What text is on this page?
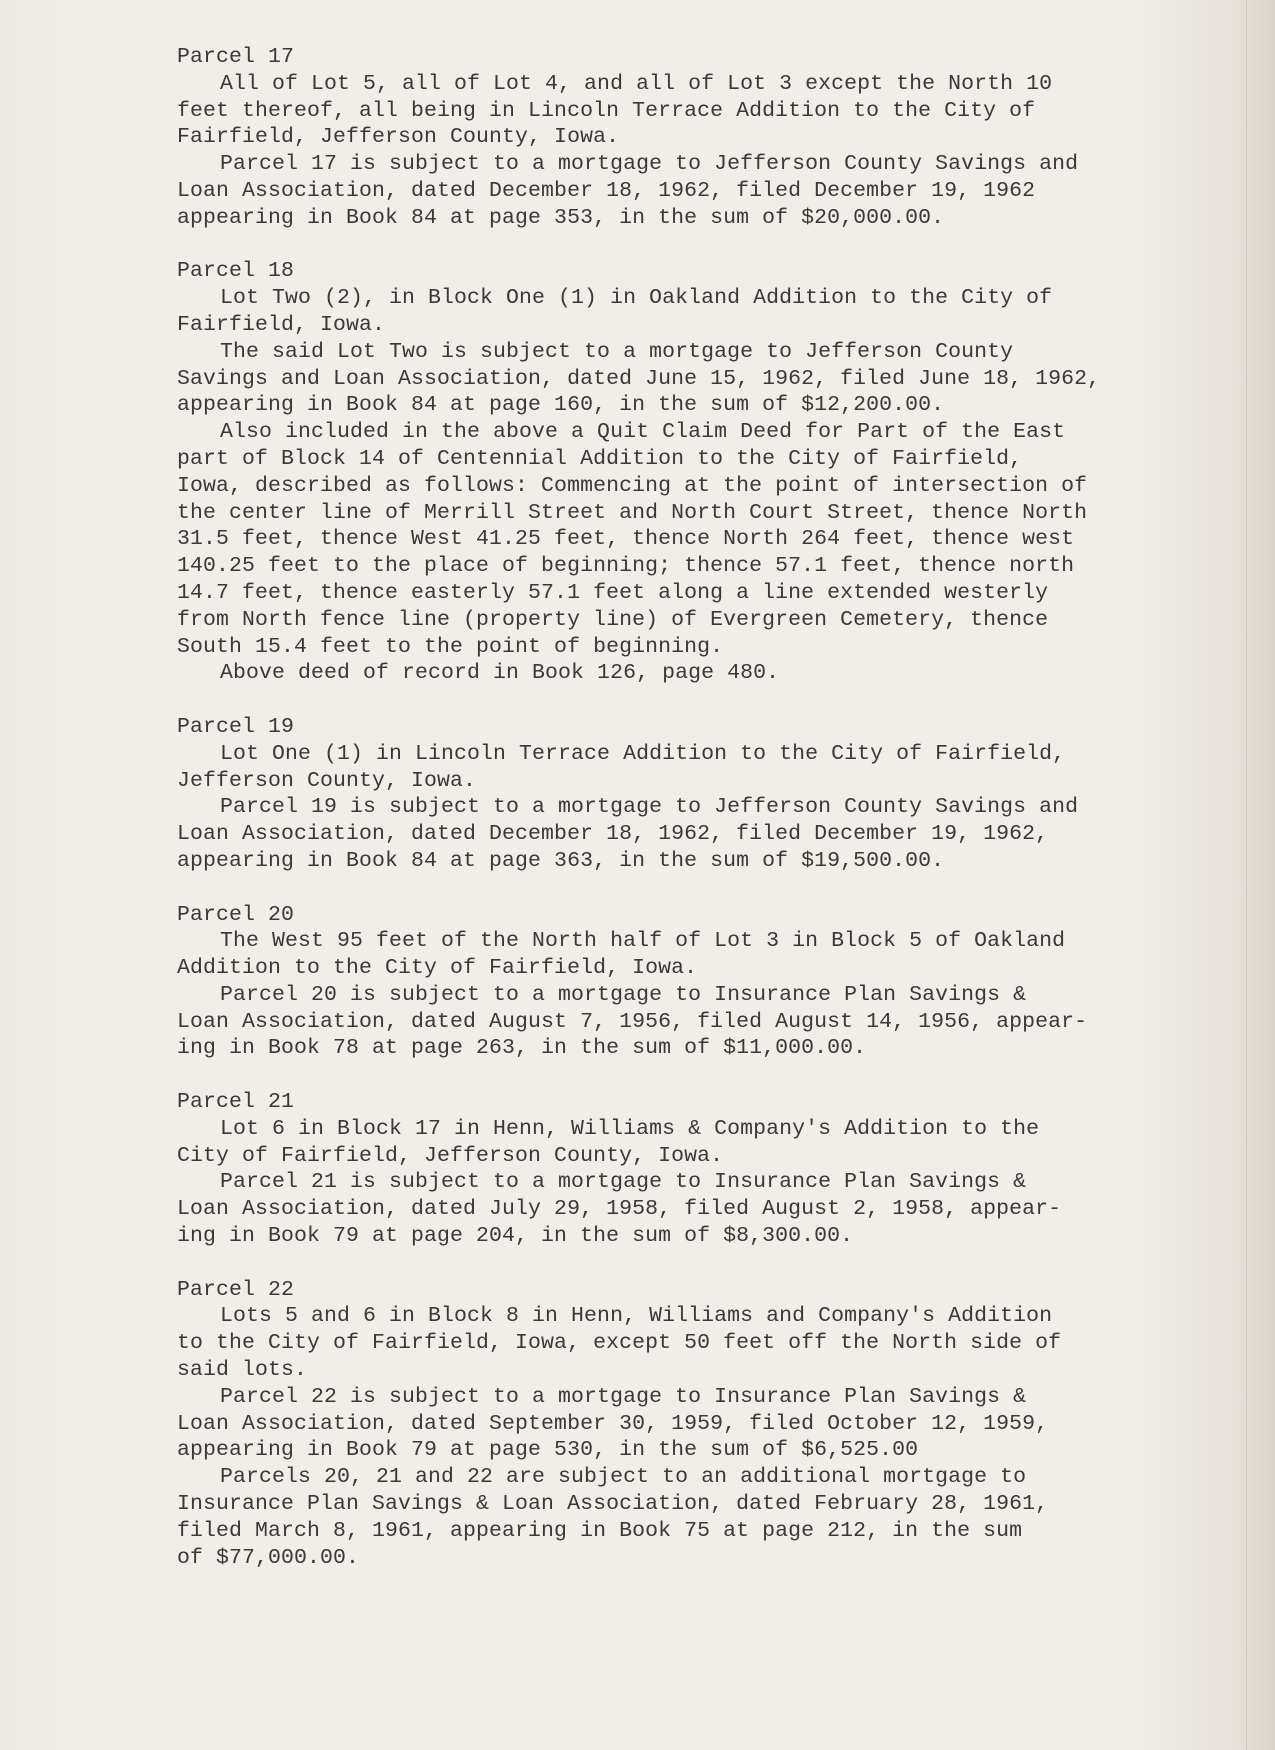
Parcel 17
All of Lot 5, all of Lot 4, and all of Lot 3 except the North 10
feet thereof, all being in Lincoln Terrace Addition to the City of
Fairfield, Jefferson County, Iowa.
Parcel 17 is subject to a mortgage to Jefferson County Savings and
Loan Association, dated December 18, 1962, filed December 19, 1962
appearing in Book 84 at page 353, in the sum of $20,000.00.
Parcel 18
Lot Two (2), in Block One (1) in Oakland Addition to the City of
Fairfield, Iowa.
The said Lot Two is subject to a mortgage to Jefferson County
Savings and Loan Association, dated June 15, 1962, filed June 18, 1962,
appearing in Book 84 at page 160, in the sum of $12,200.00.
Also included in the above a Quit Claim Deed for Part of the East
part of Block 14 of Centennial Addition to the City of Fairfield,
Iowa, described as follows: Commencing at the point of intersection of
the center line of Merrill Street and North Court Street, thence North
31.5 feet, thence West 41.25 feet, thence North 264 feet, thence west
140.25 feet to the place of beginning; thence 57.1 feet, thence north
14.7 feet, thence easterly 57.1 feet along a line extended westerly
from North fence line (property line) of Evergreen Cemetery, thence
South 15.4 feet to the point of beginning.
Above deed of record in Book 126, page 480.
Parcel 19
Lot One (1) in Lincoln Terrace Addition to the City of Fairfield,
Jefferson County, Iowa.
Parcel 19 is subject to a mortgage to Jefferson County Savings and
Loan Association, dated December 18, 1962, filed December 19, 1962,
appearing in Book 84 at page 363, in the sum of $19,500.00.
Parcel 20
The West 95 feet of the North half of Lot 3 in Block 5 of Oakland
Addition to the City of Fairfield, Iowa.
Parcel 20 is subject to a mortgage to Insurance Plan Savings &
Loan Association, dated August 7, 1956, filed August 14, 1956, appear-
ing in Book 78 at page 263, in the sum of $11,000.00.
Parcel 21
Lot 6 in Block 17 in Henn, Williams & Company's Addition to the
City of Fairfield, Jefferson County, Iowa.
Parcel 21 is subject to a mortgage to Insurance Plan Savings &
Loan Association, dated July 29, 1958, filed August 2, 1958, appear-
ing in Book 79 at page 204, in the sum of $8,300.00.
Parcel 22
Lots 5 and 6 in Block 8 in Henn, Williams and Company's Addition
to the City of Fairfield, Iowa, except 50 feet off the North side of
said lots.
Parcel 22 is subject to a mortgage to Insurance Plan Savings &
Loan Association, dated September 30, 1959, filed October 12, 1959,
appearing in Book 79 at page 530, in the sum of $6,525.00
Parcels 20, 21 and 22 are subject to an additional mortgage to
Insurance Plan Savings & Loan Association, dated February 28, 1961,
filed March 8, 1961, appearing in Book 75 at page 212, in the sum
of $77,000.00.
